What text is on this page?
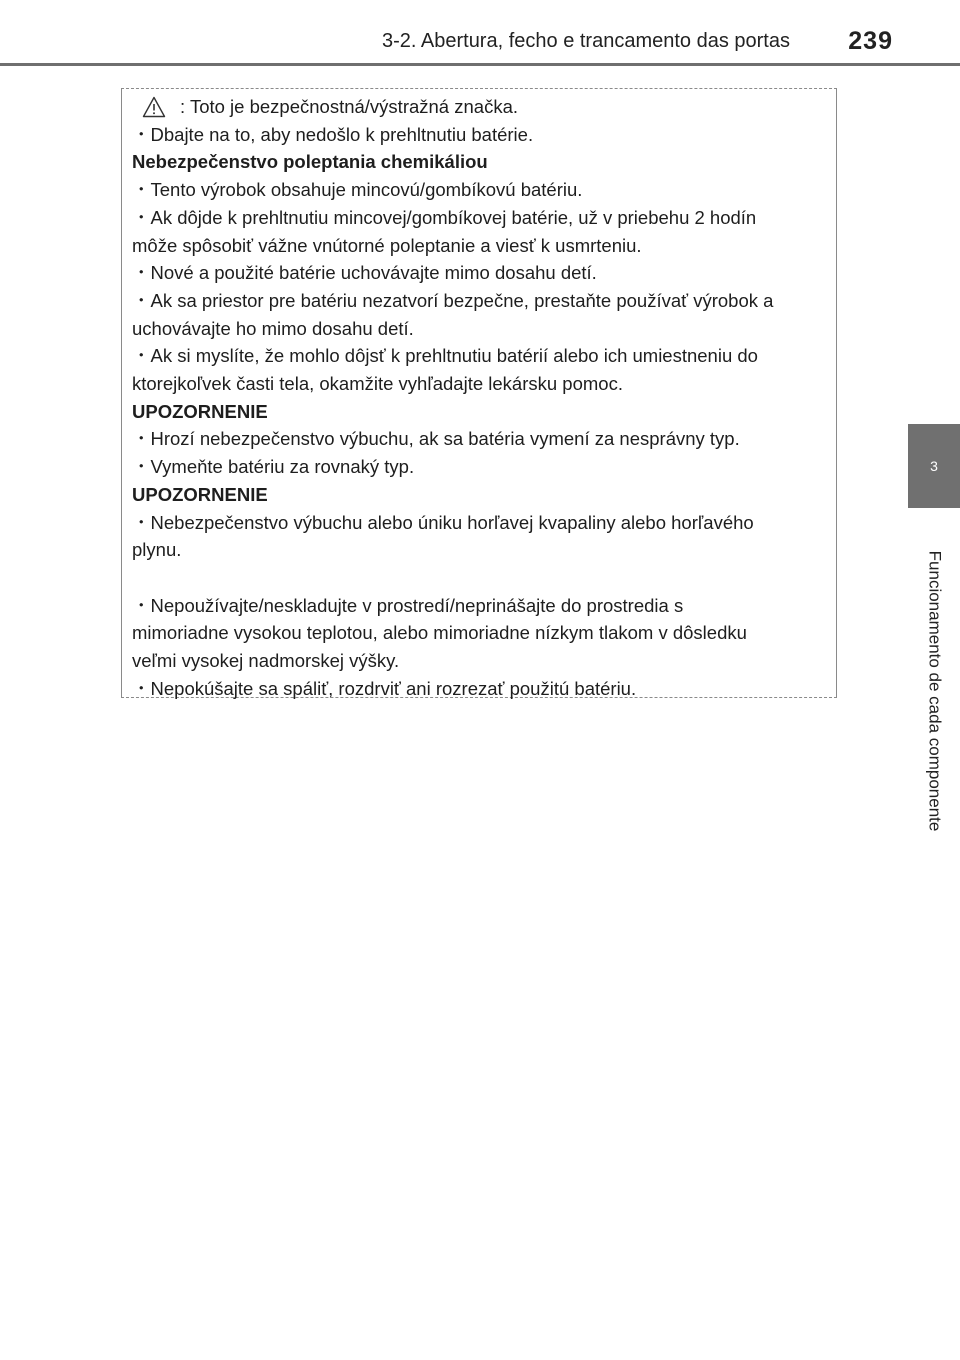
3-2. Abertura, fecho e trancamento das portas 239
3
Funcionamento de cada componente
: Toto je bezpečnostná/výstražná značka.
・Dbajte na to, aby nedošlo k prehltnutiu batérie.
Nebezpečenstvo poleptania chemikáliou
・Tento výrobok obsahuje mincovú/gombíkovú batériu.
・Ak dôjde k prehltnutiu mincovej/gombíkovej batérie, už v priebehu 2 hodín
môže spôsobiť vážne vnútorné poleptanie a viesť k usmrteniu.
・Nové a použité batérie uchovávajte mimo dosahu detí.
・Ak sa priestor pre batériu nezatvorí bezpečne, prestaňte používať výrobok a
uchovávajte ho mimo dosahu detí.
・Ak si myslíte, že mohlo dôjsť k prehltnutiu batérií alebo ich umiestneniu do
ktorejkoľvek časti tela, okamžite vyhľadajte lekársku pomoc.
UPOZORNENIE
・Hrozí nebezpečenstvo výbuchu, ak sa batéria vymení za nesprávny typ.
・Vymeňte batériu za rovnaký typ.
UPOZORNENIE
・Nebezpečenstvo výbuchu alebo úniku horľavej kvapaliny alebo horľavého
plynu.
・Nepoužívajte/neskladujte v prostredí/neprinášajte do prostredia s
mimoriadne vysokou teplotou, alebo mimoriadne nízkym tlakom v dôsledku
veľmi vysokej nadmorskej výšky.
・Nepokúšajte sa spáliť, rozdrviť ani rozrezať použitú batériu.
